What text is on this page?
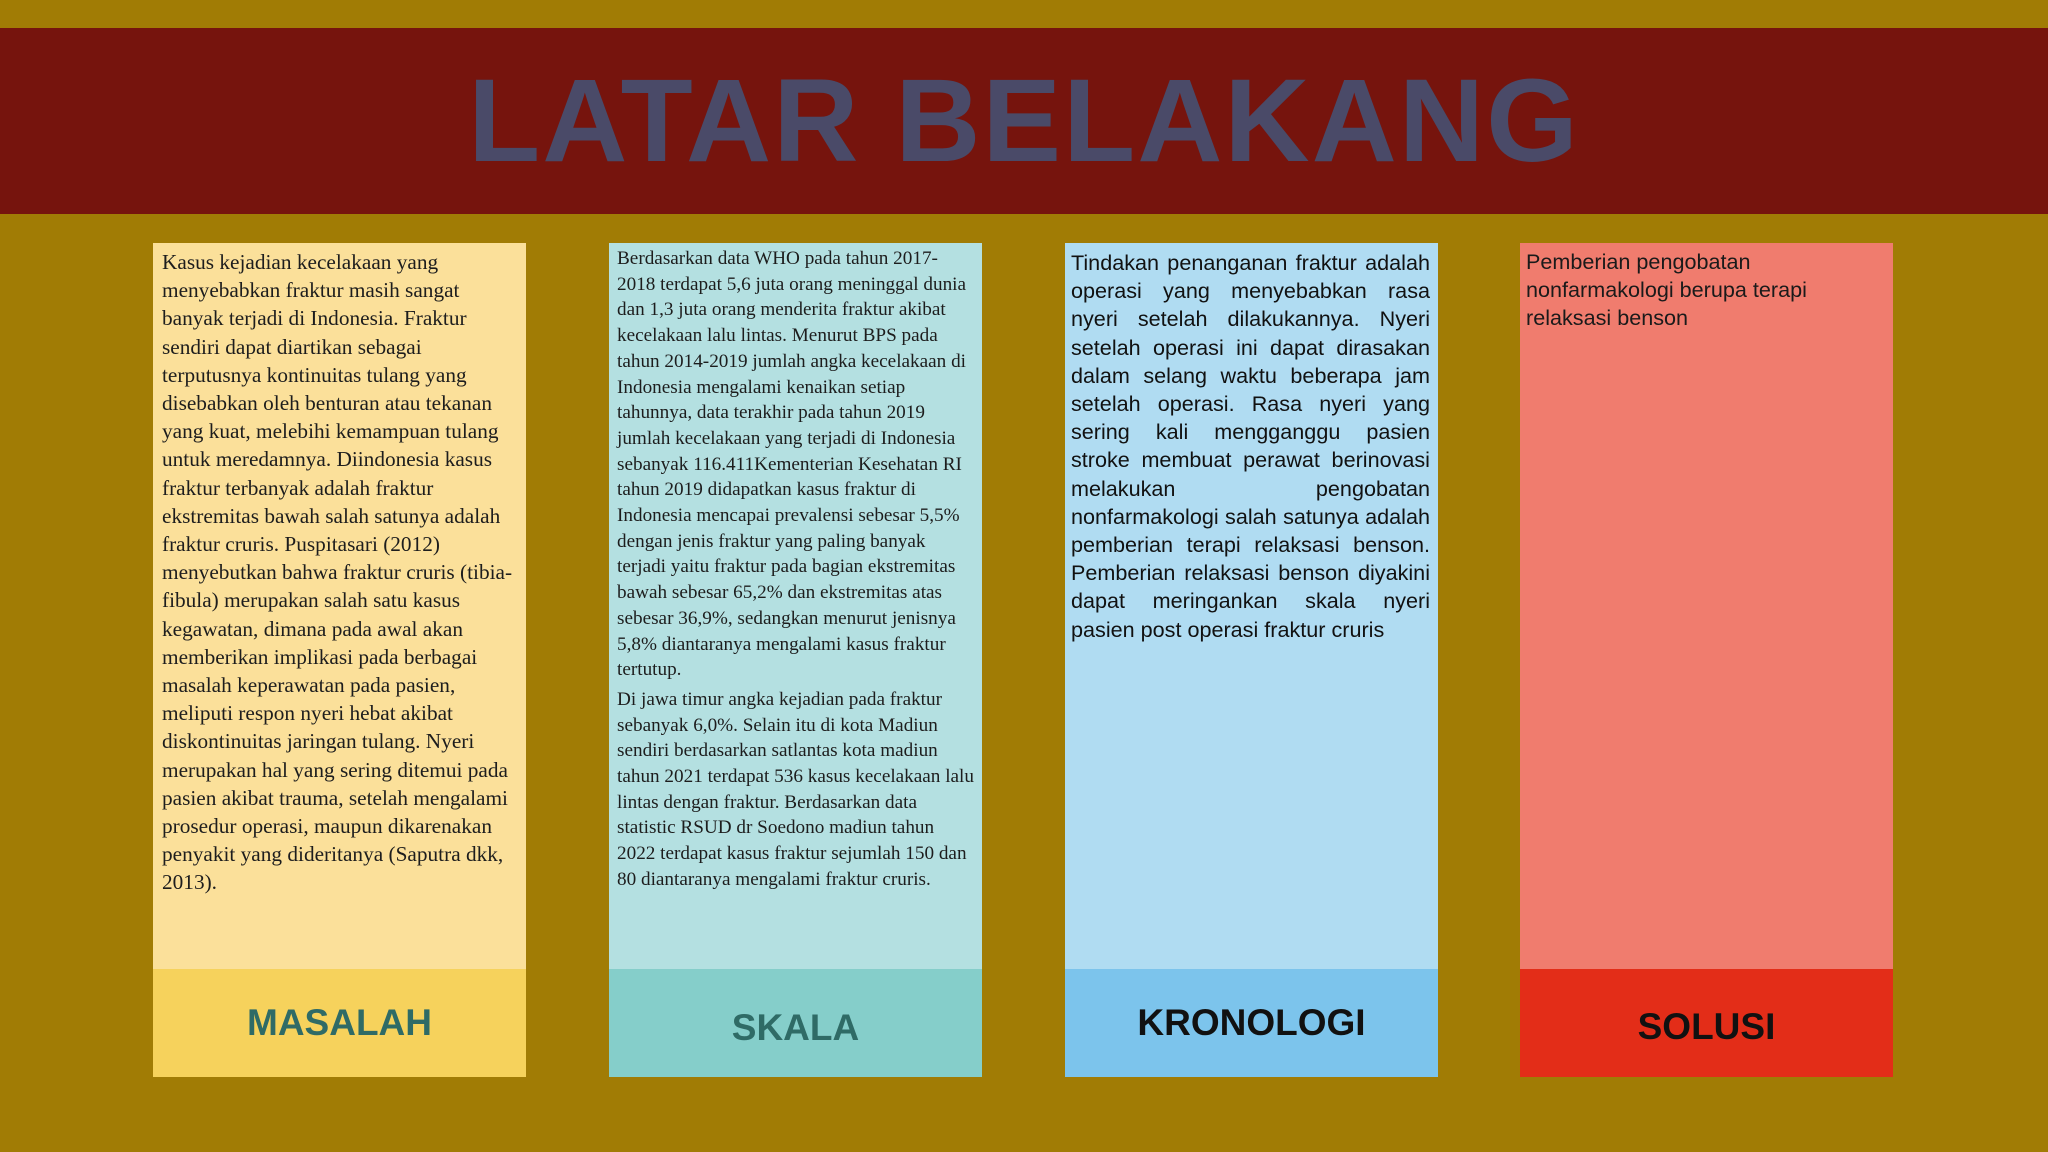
LATAR BELAKANG

Kasus kejadian kecelakaan yang menyebabkan fraktur masih sangat banyak terjadi di Indonesia. Fraktur sendiri dapat diartikan sebagai terputusnya kontinuitas tulang yang disebabkan oleh benturan atau tekanan yang kuat, melebihi kemampuan tulang untuk meredamnya. Diindonesia kasus fraktur terbanyak adalah fraktur ekstremitas bawah salah satunya adalah fraktur cruris. Puspitasari (2012) menyebutkan bahwa fraktur cruris (tibia-fibula) merupakan salah satu kasus kegawatan, dimana pada awal akan memberikan implikasi pada berbagai masalah keperawatan pada pasien, meliputi respon nyeri hebat akibat diskontinuitas jaringan tulang. Nyeri merupakan hal yang sering ditemui pada pasien akibat trauma, setelah mengalami prosedur operasi, maupun dikarenakan penyakit yang dideritanya (Saputra dkk, 2013).

MASALAH

Berdasarkan data WHO pada tahun 2017-2018 terdapat 5,6 juta orang meninggal dunia dan 1,3 juta orang menderita fraktur akibat kecelakaan lalu lintas. Menurut BPS pada tahun 2014-2019 jumlah angka kecelakaan di Indonesia mengalami kenaikan setiap tahunnya, data terakhir pada tahun 2019 jumlah kecelakaan yang terjadi di Indonesia sebanyak 116.411Kementerian Kesehatan RI tahun 2019 didapatkan kasus fraktur di Indonesia mencapai prevalensi sebesar 5,5% dengan jenis fraktur yang paling banyak terjadi yaitu fraktur pada bagian ekstremitas bawah sebesar 65,2% dan ekstremitas atas sebesar 36,9%, sedangkan menurut jenisnya 5,8% diantaranya mengalami kasus fraktur tertutup.

Di jawa timur angka kejadian pada fraktur sebanyak 6,0%. Selain itu di kota Madiun sendiri berdasarkan satlantas kota madiun tahun 2021 terdapat 536 kasus kecelakaan lalu lintas dengan fraktur. Berdasarkan data statistic RSUD dr Soedono madiun tahun 2022 terdapat kasus fraktur sejumlah 150 dan 80 diantaranya mengalami fraktur cruris.

SKALA

Tindakan penanganan fraktur adalah operasi yang menyebabkan rasa nyeri setelah dilakukannya. Nyeri setelah operasi ini dapat dirasakan dalam selang waktu beberapa jam setelah operasi. Rasa nyeri yang sering kali mengganggu pasien stroke membuat perawat berinovasi melakukan pengobatan nonfarmakologi salah satunya adalah pemberian terapi relaksasi benson. Pemberian relaksasi benson diyakini dapat meringankan skala nyeri pasien post operasi fraktur cruris

KRONOLOGI

Pemberian pengobatan nonfarmakologi berupa terapi relaksasi benson

SOLUSI
